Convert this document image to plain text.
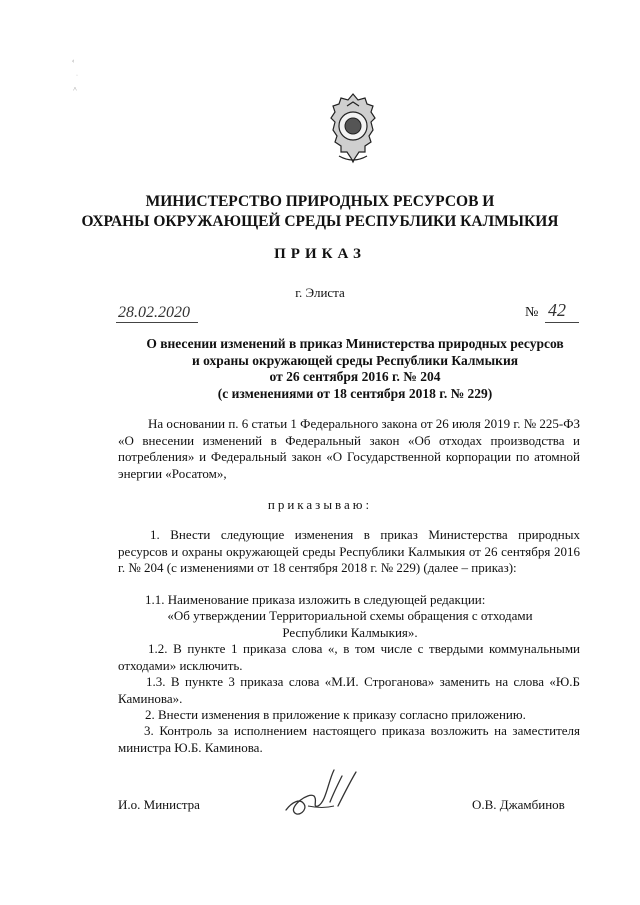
‹
·
˄
МИНИСТЕРСТВО ПРИРОДНЫХ РЕСУРСОВ И
ОХРАНЫ ОКРУЖАЮЩЕЙ СРЕДЫ РЕСПУБЛИКИ КАЛМЫКИЯ
ПРИКАЗ
г. Элиста
28.02.2020	№ 42
О внесении изменений в приказ Министерства природных ресурсов
и охраны окружающей среды Республики Калмыкия
от 26 сентября 2016 г. № 204
(с изменениями от 18 сентября 2018 г. № 229)
На основании п. 6 статьи 1 Федерального закона от 26 июля 2019 г. № 225-ФЗ «О внесении изменений в Федеральный закон «Об отходах производства и потребления» и Федеральный закон «О Государственной корпорации по атомной энергии «Росатом»,
приказываю:
1. Внести следующие изменения в приказ Министерства природных ресурсов и охраны окружающей среды Республики Калмыкия от 26 сентября 2016 г. № 204 (с изменениями от 18 сентября 2018 г. № 229) (далее – приказ):
1.1. Наименование приказа изложить в следующей редакции:
«Об утверждении Территориальной схемы обращения с отходами
Республики Калмыкия».
1.2. В пункте 1 приказа слова «, в том числе с твердыми коммунальными отходами» исключить.
1.3. В пункте 3 приказа слова «М.И. Строганова» заменить на слова «Ю.Б Каминова».
2. Внести изменения в приложение к приказу согласно приложению.
3. Контроль за исполнением настоящего приказа возложить на заместителя министра Ю.Б. Каминова.
И.о. Министра	О.В. Джамбинов
